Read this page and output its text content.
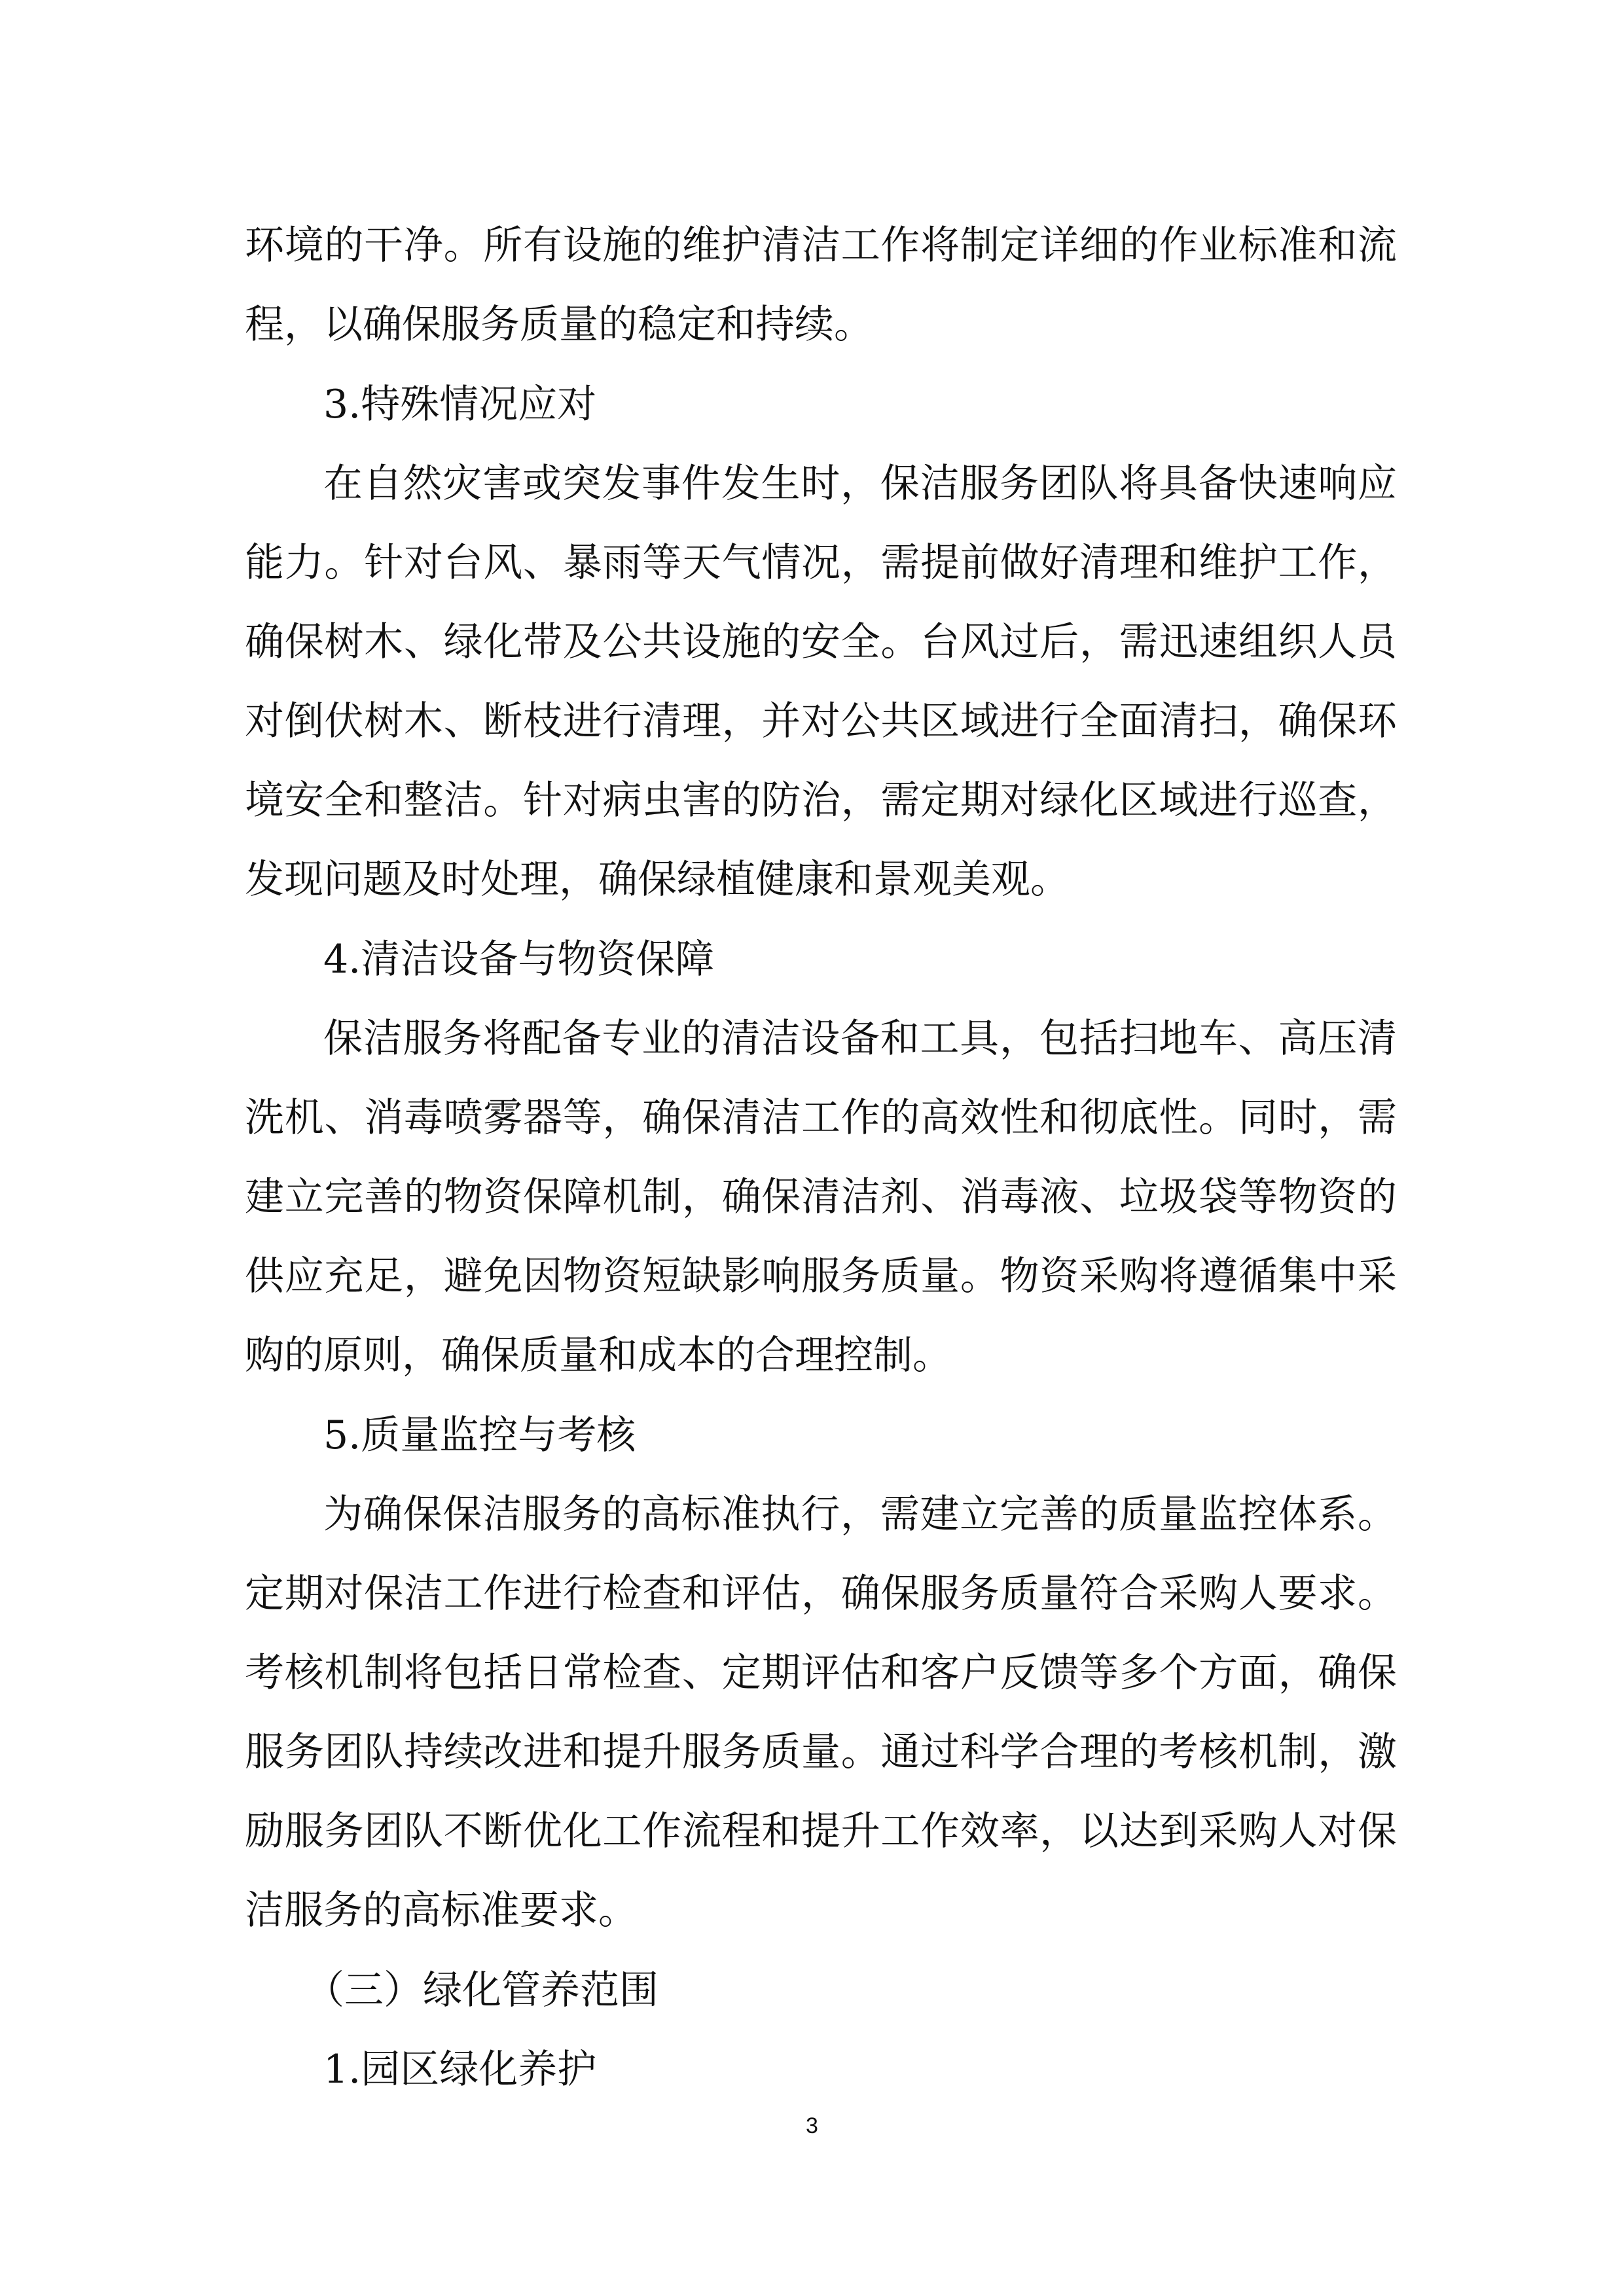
环境的干净。所有设施的维护清洁工作将制定详细的作业标准和流
程，以确保服务质量的稳定和持续。
3.特殊情况应对
在自然灾害或突发事件发生时，保洁服务团队将具备快速响应
能力。针对台风、暴雨等天气情况，需提前做好清理和维护工作，
确保树木、绿化带及公共设施的安全。台风过后，需迅速组织人员
对倒伏树木、断枝进行清理，并对公共区域进行全面清扫，确保环
境安全和整洁。针对病虫害的防治，需定期对绿化区域进行巡查，
发现问题及时处理，确保绿植健康和景观美观。
4.清洁设备与物资保障
保洁服务将配备专业的清洁设备和工具，包括扫地车、高压清
洗机、消毒喷雾器等，确保清洁工作的高效性和彻底性。同时，需
建立完善的物资保障机制，确保清洁剂、消毒液、垃圾袋等物资的
供应充足，避免因物资短缺影响服务质量。物资采购将遵循集中采
购的原则，确保质量和成本的合理控制。
5.质量监控与考核
为确保保洁服务的高标准执行，需建立完善的质量监控体系。
定期对保洁工作进行检查和评估，确保服务质量符合采购人要求。
考核机制将包括日常检查、定期评估和客户反馈等多个方面，确保
服务团队持续改进和提升服务质量。通过科学合理的考核机制，激
励服务团队不断优化工作流程和提升工作效率，以达到采购人对保
洁服务的高标准要求。
（三）绿化管养范围
1.园区绿化养护
3
